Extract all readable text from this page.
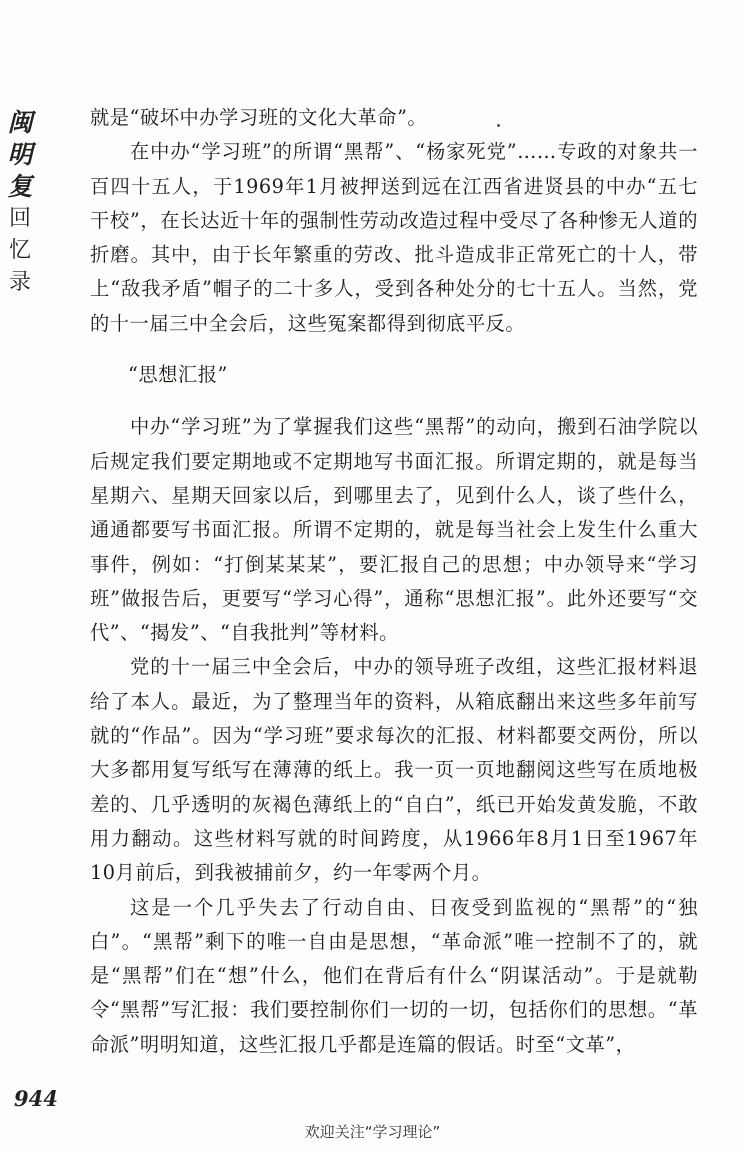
闽
明
复
回
忆
录

就是“破坏中办学习班的文化大革命”。

在中办“学习班”的所谓“黑帮”、“杨家死党”……专政的对象共一百四十五人，于1969年1月被押送到远在江西省进贤县的中办“五七干校”，在长达近十年的强制性劳动改造过程中受尽了各种惨无人道的折磨。其中，由于长年繁重的劳改、批斗造成非正常死亡的十人，带上“敌我矛盾”帽子的二十多人，受到各种处分的七十五人。当然，党的十一届三中全会后，这些冤案都得到彻底平反。

“思想汇报”

中办“学习班”为了掌握我们这些“黑帮”的动向，搬到石油学院以后规定我们要定期地或不定期地写书面汇报。所谓定期的，就是每当星期六、星期天回家以后，到哪里去了，见到什么人，谈了些什么，通通都要写书面汇报。所谓不定期的，就是每当社会上发生什么重大事件，例如：“打倒某某某”，要汇报自己的思想；中办领导来“学习班”做报告后，更要写“学习心得”，通称“思想汇报”。此外还要写“交代”、“揭发”、“自我批判”等材料。

党的十一届三中全会后，中办的领导班子改组，这些汇报材料退给了本人。最近，为了整理当年的资料，从箱底翻出来这些多年前写就的“作品”。因为“学习班”要求每次的汇报、材料都要交两份，所以大多都用复写纸写在薄薄的纸上。我一页一页地翻阅这些写在质地极差的、几乎透明的灰褐色薄纸上的“自白”，纸已开始发黄发脆，不敢用力翻动。这些材料写就的时间跨度，从1966年8月1日至1967年10月前后，到我被捕前夕，约一年零两个月。

这是一个几乎失去了行动自由、日夜受到监视的“黑帮”的“独白”。“黑帮”剩下的唯一自由是思想，“革命派”唯一控制不了的，就是“黑帮”们在“想”什么，他们在背后有什么“阴谋活动”。于是就勒令“黑帮”写汇报：我们要控制你们一切的一切，包括你们的思想。“革命派”明明知道，这些汇报几乎都是连篇的假话。时至“文革”，

944
欢迎关注“学习理论”
